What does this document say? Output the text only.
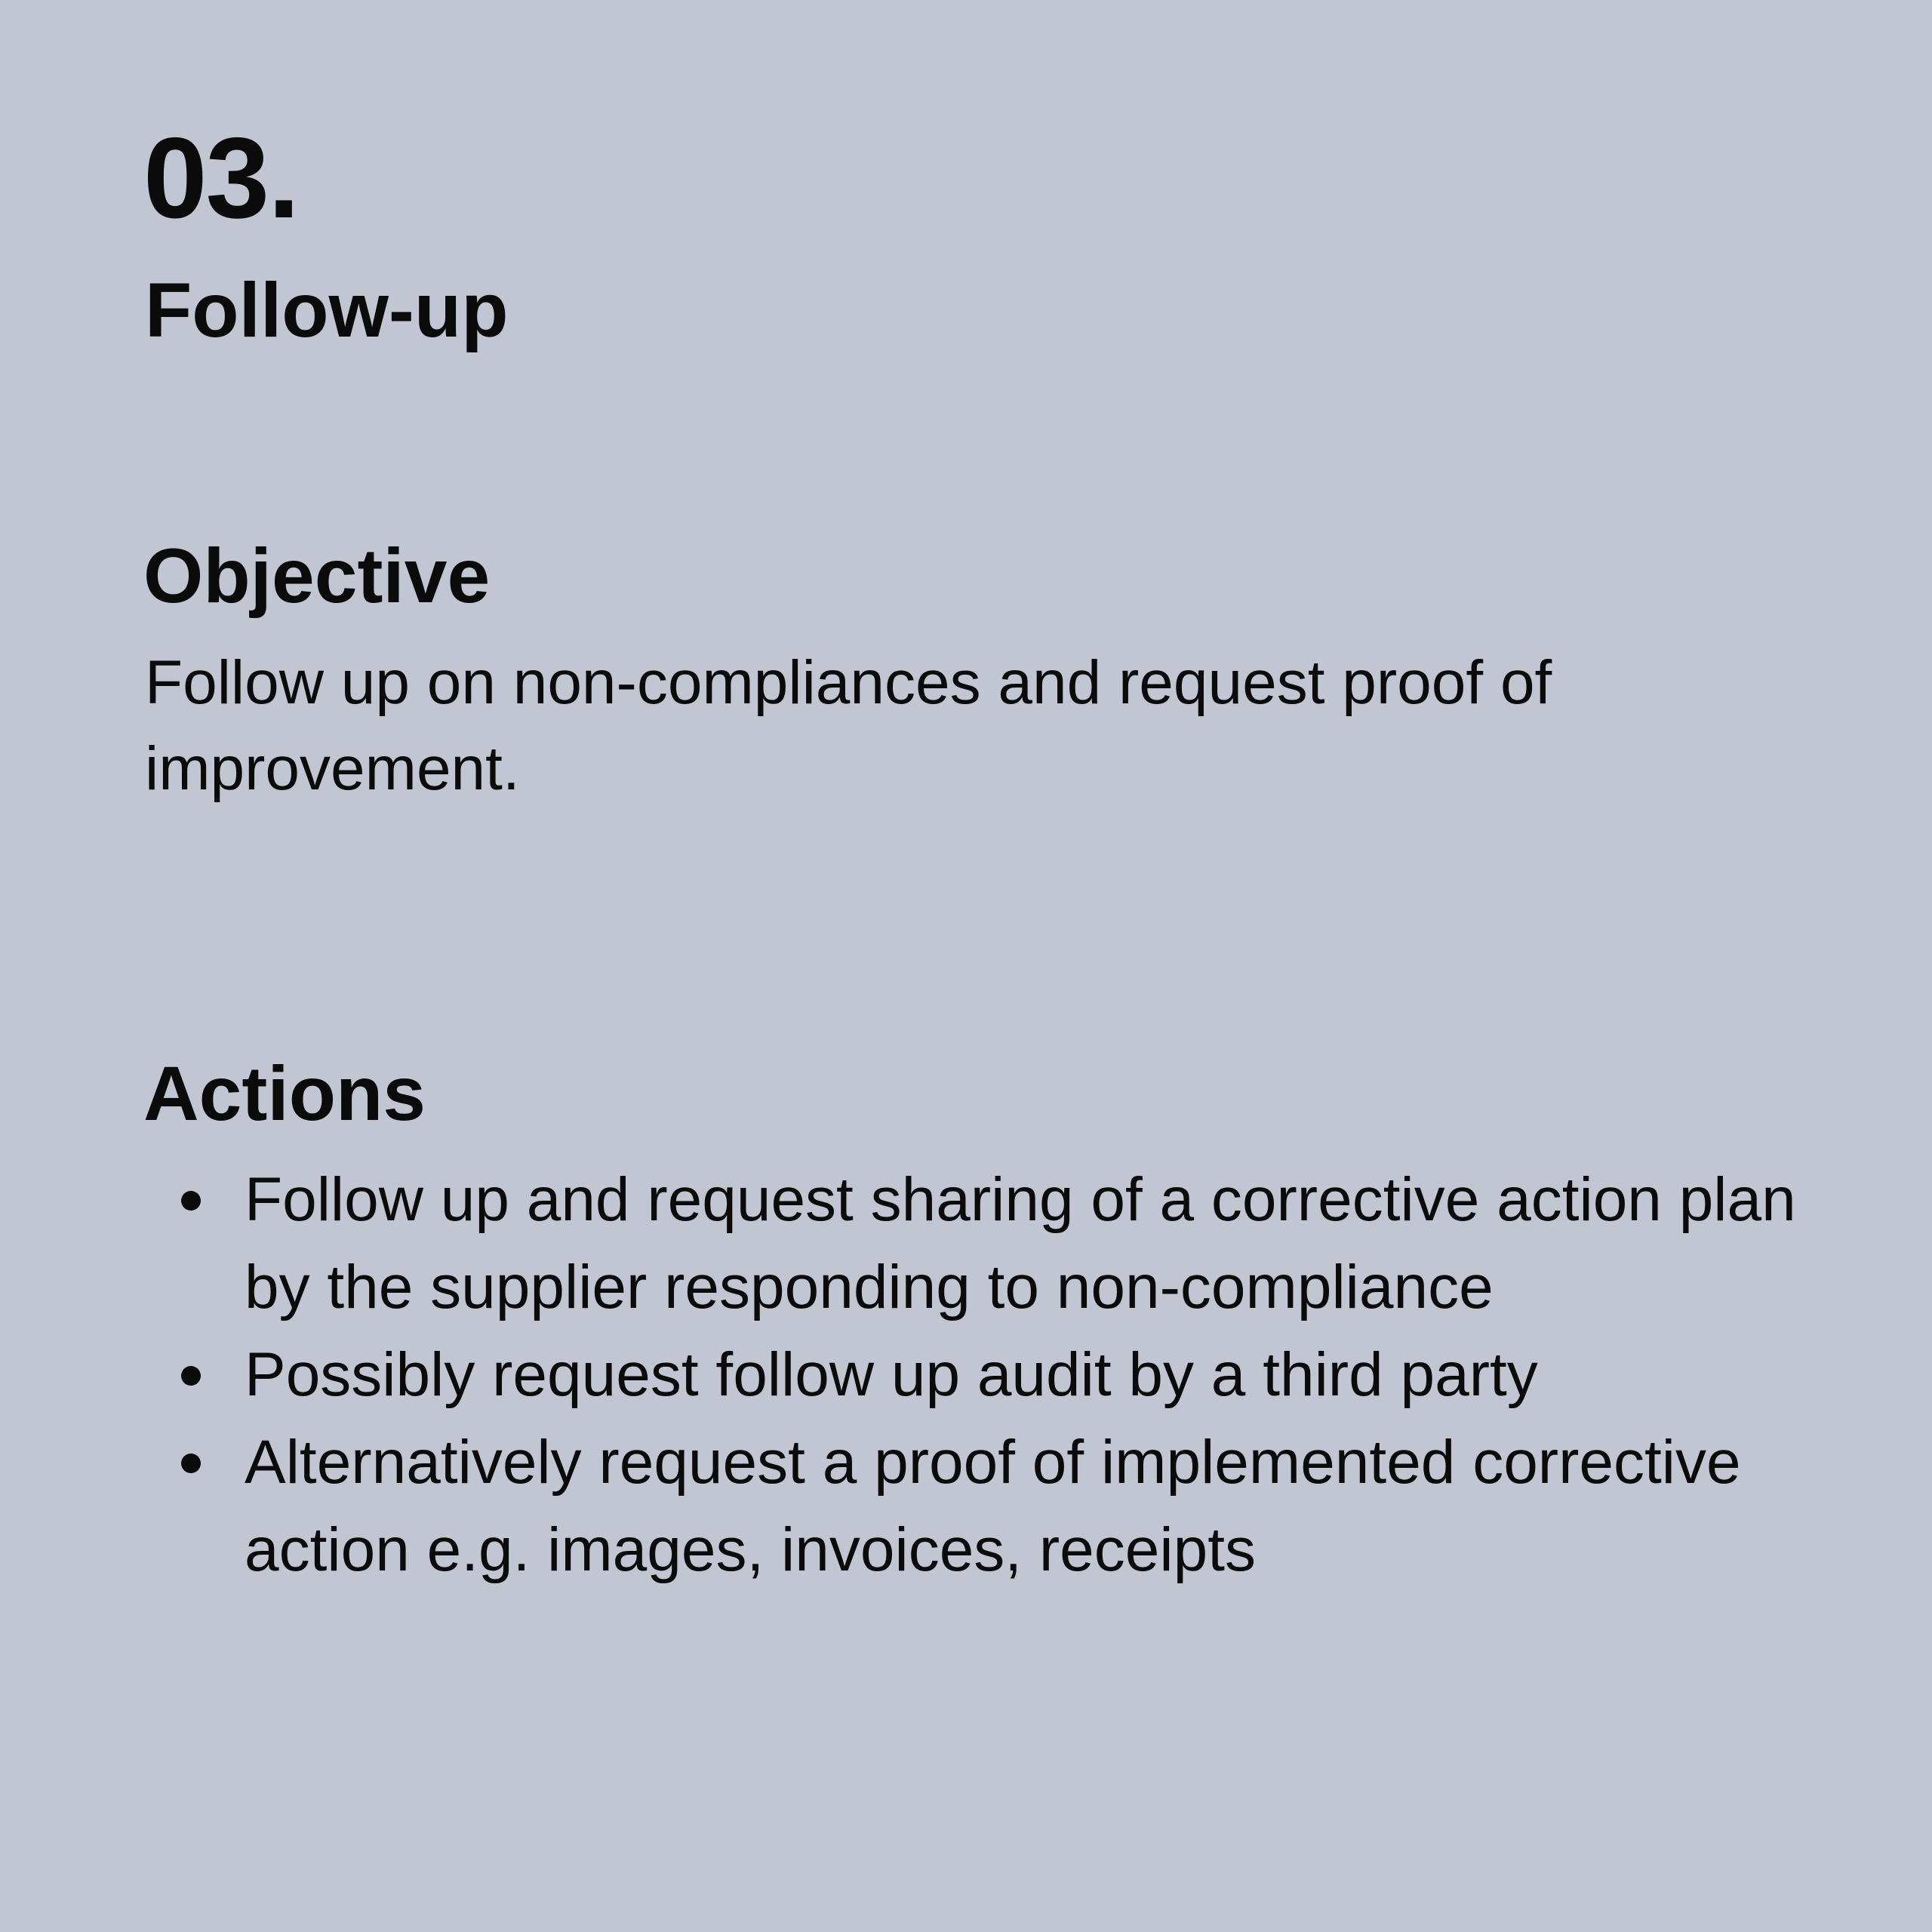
03.
Follow-up
Objective

Follow up on non-compliances and request proof of improvement.

Actions
Follow up and request sharing of a corrective action plan by the supplier responding to non-compliance
Possibly request follow up audit by a third party
Alternatively request a proof of implemented corrective action e.g. images, invoices, receipts
